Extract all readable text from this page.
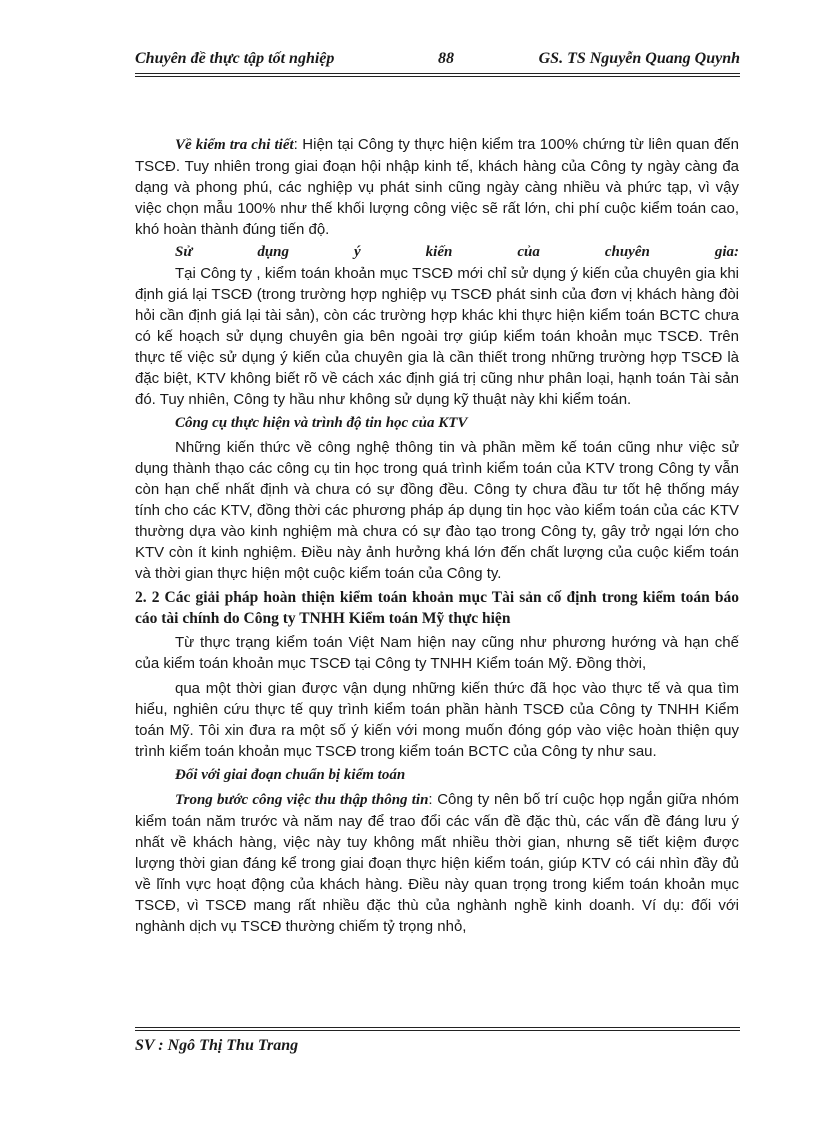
Chuyên đề thực tập tốt nghiệp	88	GS. TS Nguyễn Quang Quynh

Về kiểm tra chi tiết: Hiện tại Công ty thực hiện kiểm tra 100% chứng từ liên quan đến TSCĐ. Tuy nhiên trong giai đoạn hội nhập kinh tế, khách hàng của Công ty ngày càng đa dạng và phong phú, các nghiệp vụ phát sinh cũng ngày càng nhiều và phức tạp, vì vậy việc chọn mẫu 100% như thế khối lượng công việc sẽ rất lớn, chi phí cuộc kiểm toán cao, khó hoàn thành đúng tiến độ.

Sử dụng ý kiến của chuyên gia:

Tại Công ty , kiểm toán khoản mục TSCĐ mới chỉ sử dụng ý kiến của chuyên gia khi định giá lại TSCĐ (trong trường hợp nghiệp vụ TSCĐ phát sinh của đơn vị khách hàng đòi hỏi cần định giá lại tài sản), còn các trường hợp khác khi thực hiện kiểm toán BCTC chưa có kế hoạch sử dụng chuyên gia bên ngoài trợ giúp kiểm toán khoản mục TSCĐ. Trên thực tế việc sử dụng ý kiến của chuyên gia là cần thiết trong những trường hợp TSCĐ là đặc biệt, KTV không biết rõ về cách xác định giá trị cũng như phân loại, hạnh toán Tài sản đó. Tuy nhiên, Công ty hầu như không sử dụng kỹ thuật này khi kiểm toán.

Công cụ thực hiện và trình độ tin học của KTV

Những kiến thức về công nghệ thông tin và phần mềm kế toán cũng như việc sử dụng thành thạo các công cụ tin học trong quá trình kiểm toán của KTV trong Công ty vẫn còn hạn chế nhất định và chưa có sự đồng đều. Công ty chưa đầu tư tốt hệ thống máy tính cho các KTV, đồng thời các phương pháp áp dụng tin học vào kiểm toán của các KTV thường dựa vào kinh nghiệm mà chưa có sự đào tạo trong Công ty, gây trở ngại lớn cho KTV còn ít kinh nghiệm. Điều này ảnh hưởng khá lớn đến chất lượng của cuộc kiểm toán và thời gian thực hiện một cuộc kiểm toán của Công ty.

2. 2 Các giải pháp hoàn thiện kiểm toán khoản mục Tài sản cố định trong kiểm toán báo cáo tài chính do Công ty TNHH Kiểm toán Mỹ thực hiện

Từ thực trạng kiểm toán Việt Nam hiện nay cũng như phương hướng và hạn chế của kiểm toán khoản mục TSCĐ tại Công ty TNHH Kiểm toán Mỹ. Đồng thời,

qua một thời gian được vận dụng những kiến thức đã học vào thực tế và qua tìm hiểu, nghiên cứu thực tế quy trình kiểm toán phần hành TSCĐ của Công ty TNHH Kiểm toán Mỹ. Tôi xin đưa ra một số ý kiến với mong muốn đóng góp vào việc hoàn thiện quy trình kiểm toán khoản mục TSCĐ trong kiểm toán BCTC của Công ty như sau.

Đối với giai đoạn chuẩn bị kiểm toán

Trong bước công việc thu thập thông tin: Công ty nên bố trí cuộc họp ngắn giữa nhóm kiểm toán năm trước và năm nay để trao đổi các vấn đề đặc thù, các vấn đề đáng lưu ý nhất về khách hàng, việc này tuy không mất nhiều thời gian, nhưng sẽ tiết kiệm được lượng thời gian đáng kể trong giai đoạn thực hiện kiểm toán, giúp KTV có cái nhìn đầy đủ về lĩnh vực hoạt động của khách hàng. Điều này quan trọng trong kiểm toán khoản mục TSCĐ, vì TSCĐ mang rất nhiều đặc thù của nghành nghề kinh doanh. Ví dụ: đối với nghành dịch vụ TSCĐ thường chiếm tỷ trọng nhỏ,

SV : Ngô Thị Thu Trang
